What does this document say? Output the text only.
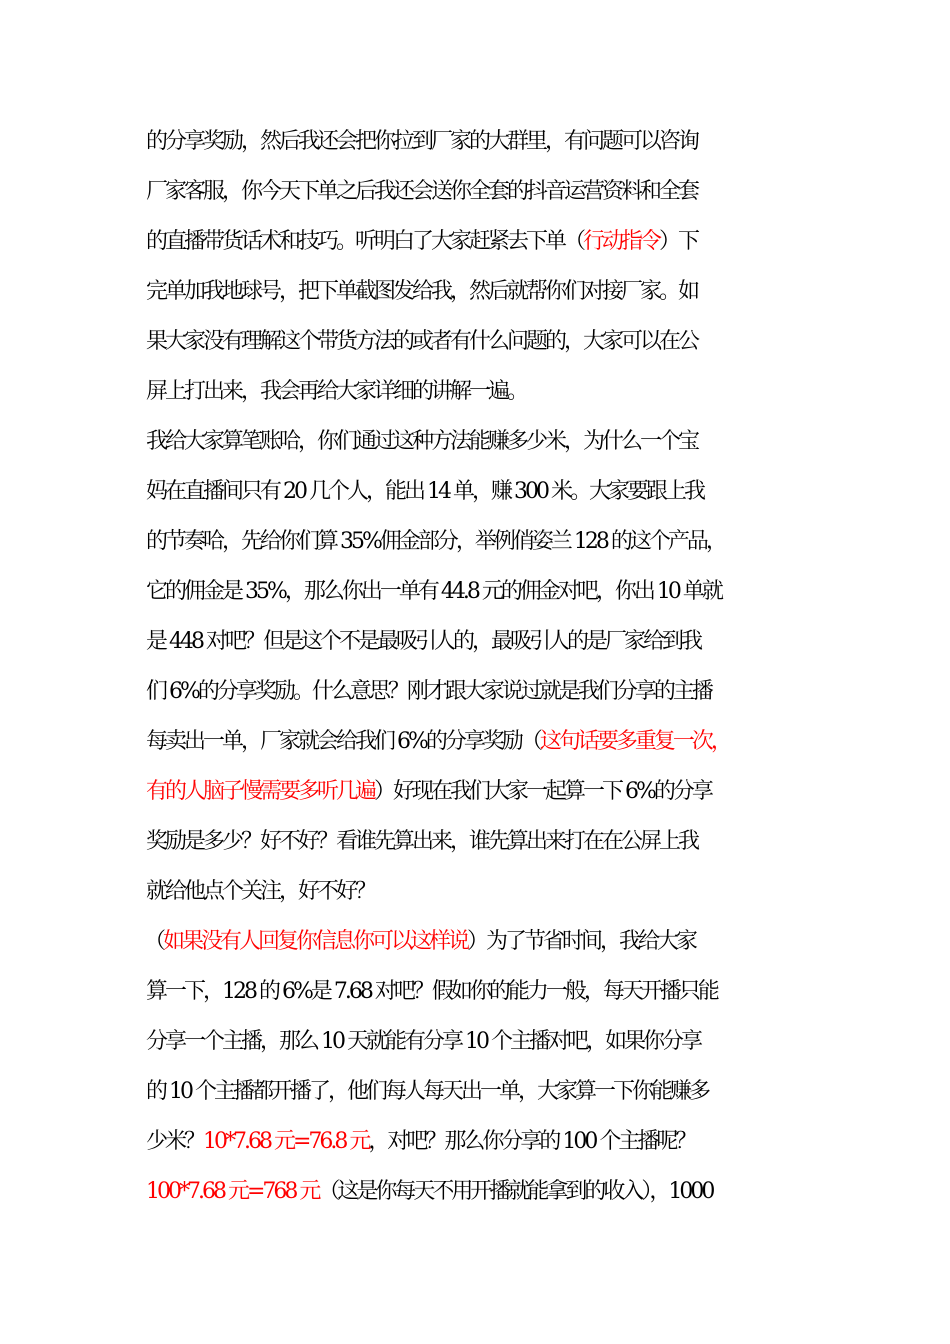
的分享奖励，然后我还会把你拉到厂家的大群里，有问题可以咨询
厂家客服，你今天下单之后我还会送你全套的抖音运营资料和全套
的直播带货话术和技巧。听明白了大家赶紧去下单（行动指令）下
完单加我地球号，把下单截图发给我，然后就帮你们对接厂家。如
果大家没有理解这个带货方法的或者有什么问题的，大家可以在公
屏上打出来，我会再给大家详细的讲解一遍。
我给大家算笔账哈，你们通过这种方法能赚多少米，为什么一个宝
妈在直播间只有 20 几个人，能出 14 单，赚 300 米。大家要跟上我
的节奏哈，先给你们算 35%佣金部分，举例俏姿兰 128 的这个产品，
它的佣金是 35%，那么你出一单有 44.8 元的佣金对吧，你出 10 单就
是 448 对吧？但是这个不是最吸引人的，最吸引人的是厂家给到我
们 6%的分享奖励。什么意思？刚才跟大家说过就是我们分享的主播
每卖出一单，厂家就会给我们 6%的分享奖励（这句话要多重复一次，
有的人脑子慢需要多听几遍）好现在我们大家一起算一下 6%的分享
奖励是多少？好不好？看谁先算出来，谁先算出来打在在公屏上我
就给他点个关注，好不好？
（如果没有人回复你信息你可以这样说）为了节省时间，我给大家
算一下，128 的 6%是 7.68 对吧？假如你的能力一般，每天开播只能
分享一个主播，那么 10 天就能有分享 10 个主播对吧，如果你分享
的 10 个主播都开播了，他们每人每天出一单，大家算一下你能赚多
少米？10*7.68 元=76.8 元，对吧？那么你分享的 100 个主播呢？
100*7.68 元=768 元（这是你每天不用开播就能拿到的收入），1000
